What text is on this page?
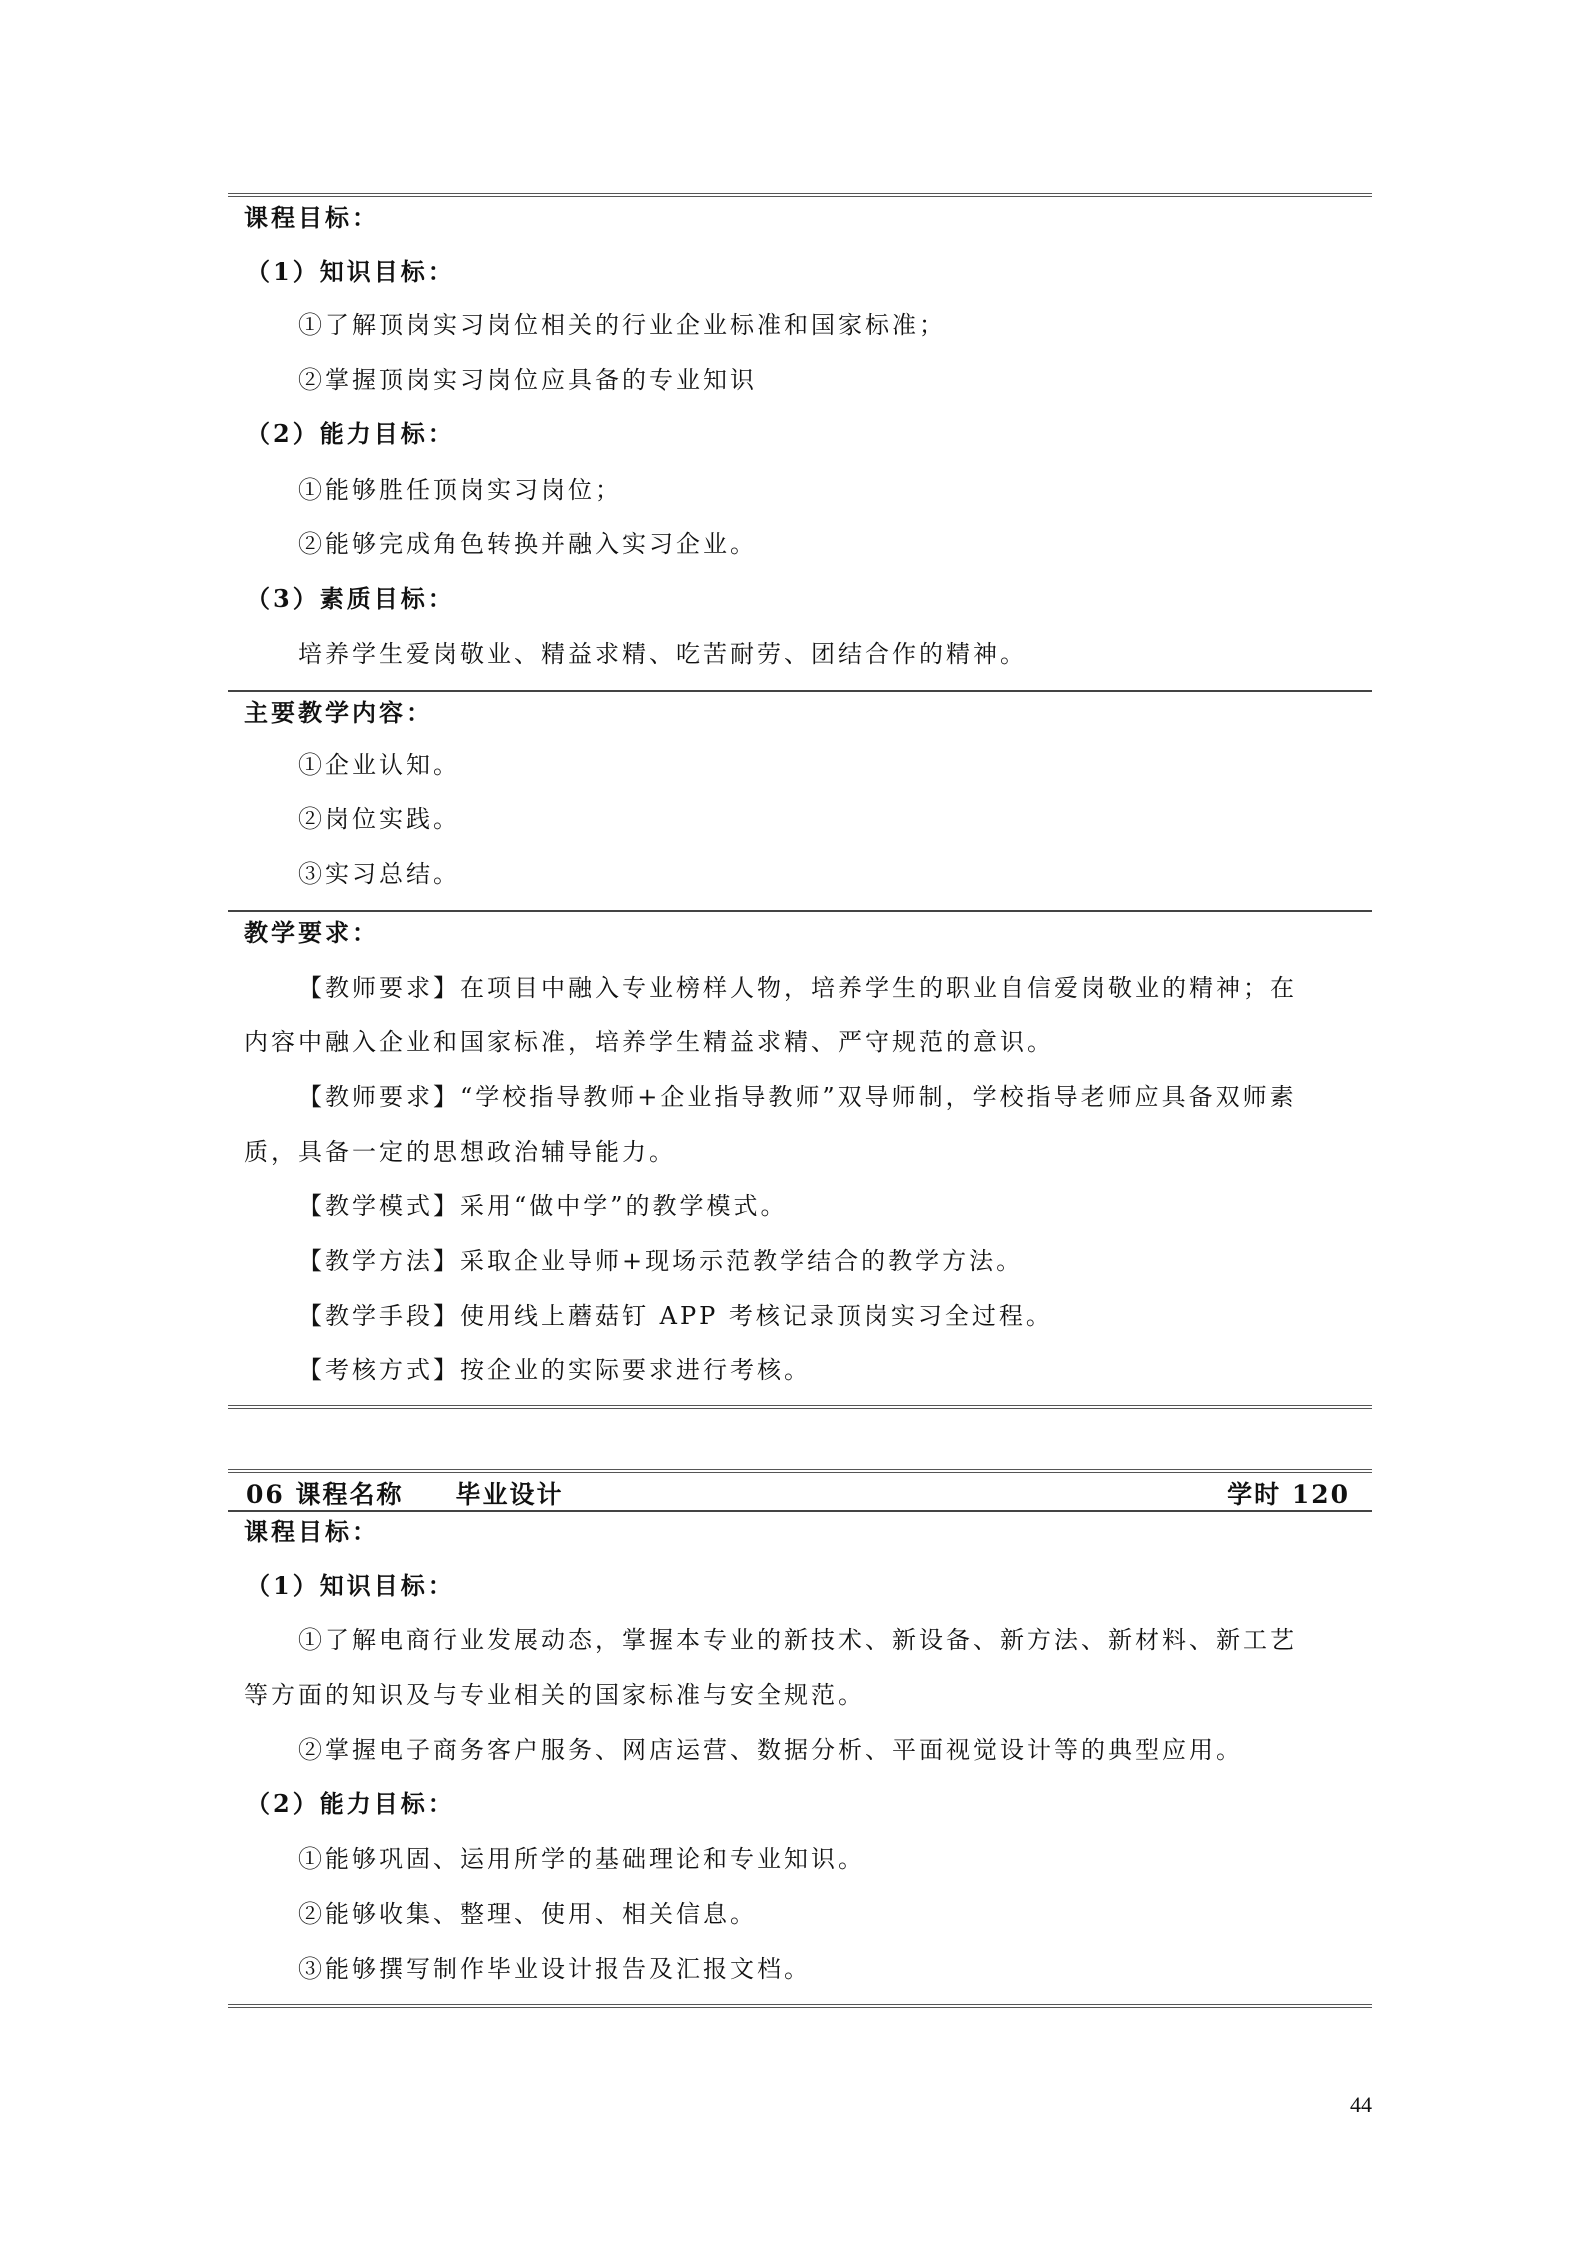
课程目标：
（1）知识目标：
①了解顶岗实习岗位相关的行业企业标准和国家标准；
②掌握顶岗实习岗位应具备的专业知识
（2）能力目标：
①能够胜任顶岗实习岗位；
②能够完成角色转换并融入实习企业。
（3）素质目标：
培养学生爱岗敬业、精益求精、吃苦耐劳、团结合作的精神。
主要教学内容：
①企业认知。
②岗位实践。
③实习总结。
教学要求：
【教师要求】在项目中融入专业榜样人物，培养学生的职业自信爱岗敬业的精神；在
内容中融入企业和国家标准，培养学生精益求精、严守规范的意识。
【教师要求】“学校指导教师+企业指导教师”双导师制，学校指导老师应具备双师素
质，具备一定的思想政治辅导能力。
【教学模式】采用“做中学”的教学模式。
【教学方法】采取企业导师+现场示范教学结合的教学方法。
【教学手段】使用线上蘑菇钉 APP 考核记录顶岗实习全过程。
【考核方式】按企业的实际要求进行考核。
06 课程名称 毕业设计	学时 120
课程目标：
（1）知识目标：
①了解电商行业发展动态，掌握本专业的新技术、新设备、新方法、新材料、新工艺
等方面的知识及与专业相关的国家标准与安全规范。
②掌握电子商务客户服务、网店运营、数据分析、平面视觉设计等的典型应用。
（2）能力目标：
①能够巩固、运用所学的基础理论和专业知识。
②能够收集、整理、使用、相关信息。
③能够撰写制作毕业设计报告及汇报文档。
44
